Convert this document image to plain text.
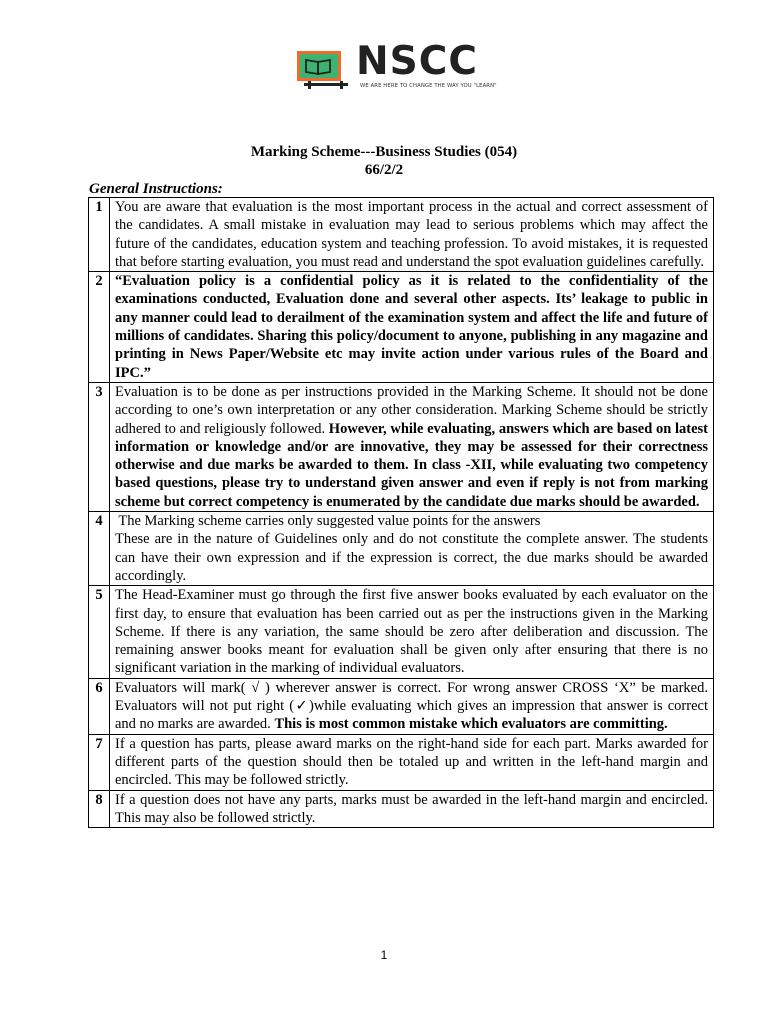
NSCC
WE ARE HERE TO CHANGE THE WAY YOU "LEARN"
Marking Scheme---Business Studies (054)
66/2/2
General Instructions:
1	You are aware that evaluation is the most important process in the actual and correct assessment of the candidates. A small mistake in evaluation may lead to serious problems which may affect the future of the candidates, education system and teaching profession. To avoid mistakes, it is requested that before starting evaluation, you must read and understand the spot evaluation guidelines carefully.
2	“Evaluation policy is a confidential policy as it is related to the confidentiality of the examinations conducted, Evaluation done and several other aspects. Its’ leakage to public in any manner could lead to derailment of the examination system and affect the life and future of millions of candidates. Sharing this policy/document to anyone, publishing in any magazine and printing in News Paper/Website etc may invite action under various rules of the Board and IPC.”
3	Evaluation is to be done as per instructions provided in the Marking Scheme. It should not be done according to one’s own interpretation or any other consideration. Marking Scheme should be strictly adhered to and religiously followed. However, while evaluating, answers which are based on latest information or knowledge and/or are innovative, they may be assessed for their correctness otherwise and due marks be awarded to them. In class -XII, while evaluating two competency based questions, please try to understand given answer and even if reply is not from marking scheme but correct competency is enumerated by the candidate due marks should be awarded.
4	The Marking scheme carries only suggested value points for the answers
These are in the nature of Guidelines only and do not constitute the complete answer. The students can have their own expression and if the expression is correct, the due marks should be awarded accordingly.
5	The Head-Examiner must go through the first five answer books evaluated by each evaluator on the first day, to ensure that evaluation has been carried out as per the instructions given in the Marking Scheme. If there is any variation, the same should be zero after deliberation and discussion. The remaining answer books meant for evaluation shall be given only after ensuring that there is no significant variation in the marking of individual evaluators.
6	Evaluators will mark( √ ) wherever answer is correct. For wrong answer CROSS ‘X” be marked. Evaluators will not put right (✓)while evaluating which gives an impression that answer is correct and no marks are awarded. This is most common mistake which evaluators are committing.
7	If a question has parts, please award marks on the right-hand side for each part. Marks awarded for different parts of the question should then be totaled up and written in the left-hand margin and encircled. This may be followed strictly.
8	If a question does not have any parts, marks must be awarded in the left-hand margin and encircled. This may also be followed strictly.
1
